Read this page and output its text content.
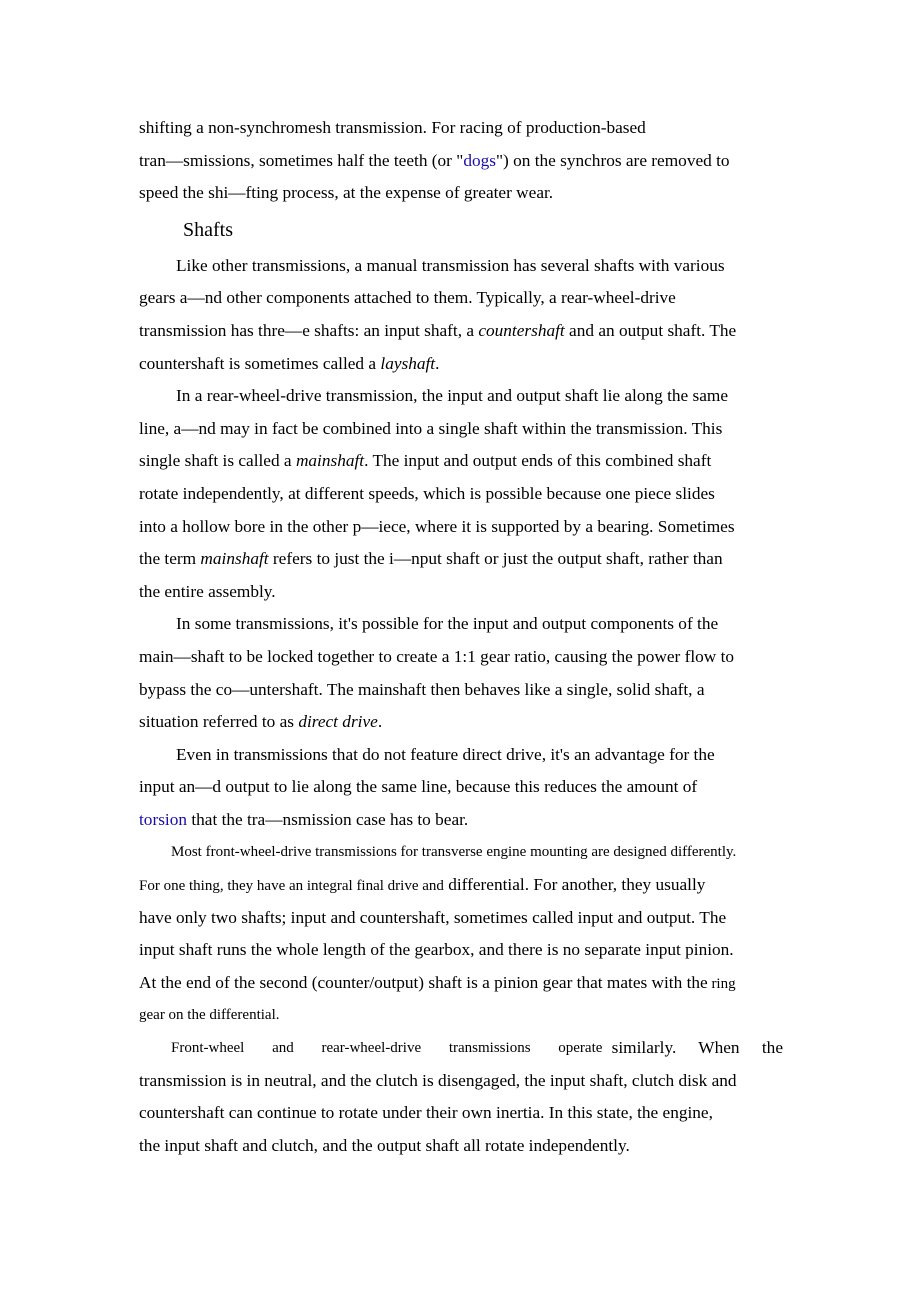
shifting a non-synchromesh transmission. For racing of production-based
tran—smissions, sometimes half the teeth (or "dogs") on the synchros are removed to
speed the shi—fting process, at the expense of greater wear.
Shafts
Like other transmissions, a manual transmission has several shafts with various
gears a—nd other components attached to them. Typically, a rear-wheel-drive
transmission has thre—e shafts: an input shaft, a countershaft and an output shaft. The
countershaft is sometimes called a layshaft.
In a rear-wheel-drive transmission, the input and output shaft lie along the same
line, a—nd may in fact be combined into a single shaft within the transmission. This
single shaft is called a mainshaft. The input and output ends of this combined shaft
rotate independently, at different speeds, which is possible because one piece slides
into a hollow bore in the other p—iece, where it is supported by a bearing. Sometimes
the term mainshaft refers to just the i—nput shaft or just the output shaft, rather than
the entire assembly.
In some transmissions, it's possible for the input and output components of the
main—shaft to be locked together to create a 1:1 gear ratio, causing the power flow to
bypass the co—untershaft. The mainshaft then behaves like a single, solid shaft, a
situation referred to as direct drive.
Even in transmissions that do not feature direct drive, it's an advantage for the
input an—d output to lie along the same line, because this reduces the amount of
torsion that the tra—nsmission case has to bear.
Most front-wheel-drive transmissions for transverse engine mounting are designed differently.
For one thing, they have an integral final drive and differential. For another, they usually
have only two shafts; input and countershaft, sometimes called input and output. The
input shaft runs the whole length of the gearbox, and there is no separate input pinion.
At the end of the second (counter/output) shaft is a pinion gear that mates with the ring
gear on the differential.
Front-wheel and rear-wheel-drive transmissions operate similarly. When the
transmission is in neutral, and the clutch is disengaged, the input shaft, clutch disk and
countershaft can continue to rotate under their own inertia. In this state, the engine,
the input shaft and clutch, and the output shaft all rotate independently.
